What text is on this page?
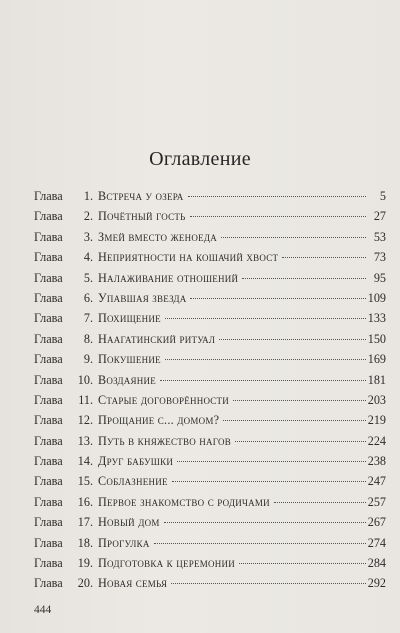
Оглавление
Глава	1. Встреча у озера	5
Глава	2. Почётный гость	27
Глава	3. Змей вместо женоеда	53
Глава	4. Неприятности на кошачий хвост	73
Глава	5. Налаживание отношений	95
Глава	6. Упавшая звезда	109
Глава	7. Похищение	133
Глава	8. Наагатинский ритуал	150
Глава	9. Покушение	169
Глава	10. Воздаяние	181
Глава	11. Старые договорённости	203
Глава	12. Прощание с... домом?	219
Глава	13. Путь в княжество нагов	224
Глава	14. Друг бабушки	238
Глава	15. Соблазнение	247
Глава	16. Первое знакомство с родичами	257
Глава	17. Новый дом	267
Глава	18. Прогулка	274
Глава	19. Подготовка к церемонии	284
Глава	20. Новая семья	292
444
